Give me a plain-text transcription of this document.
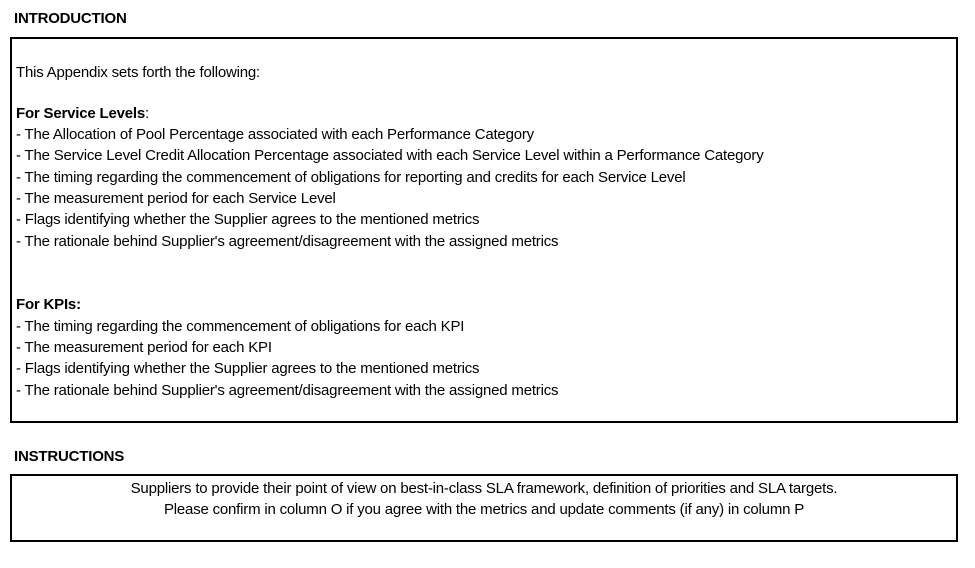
INTRODUCTION
This Appendix sets forth the following:
For Service Levels:
- The Allocation of Pool Percentage associated with each Performance Category
- The Service Level Credit Allocation Percentage associated with each Service Level within a Performance Category
- The timing regarding the commencement of obligations for reporting and credits for each Service Level
- The measurement period for each Service Level
- Flags identifying whether the Supplier agrees to the mentioned metrics
- The rationale behind Supplier's agreement/disagreement with the assigned metrics
For KPIs:
- The timing regarding the commencement of obligations for each KPI
- The measurement period for each KPI
- Flags identifying whether the Supplier agrees to the mentioned metrics
- The rationale behind Supplier's agreement/disagreement with the assigned metrics
INSTRUCTIONS
Suppliers to provide their point of view on best-in-class SLA framework, definition of priorities and SLA targets.
Please confirm in column O if you agree with the metrics and update comments (if any) in column P
